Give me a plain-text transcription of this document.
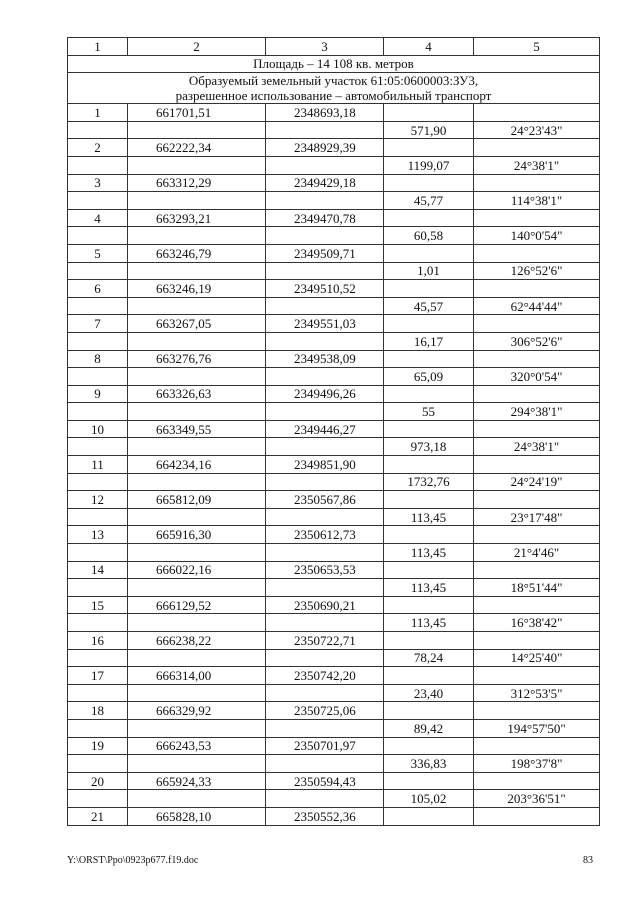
1	2	3	4	5
Площадь – 14 108 кв. метров				

Образуемый земельный участок 61:05:0600003:ЗУ3,
разрешенное использование – автомобильный транспорт				

1	661701,51	2348693,18		
			571,90	24°23'43"
2	662222,34	2348929,39		
			1199,07	24°38'1"
3	663312,29	2349429,18		
			45,77	114°38'1"
4	663293,21	2349470,78		
			60,58	140°0'54"
5	663246,79	2349509,71		
			1,01	126°52'6"
6	663246,19	2349510,52		
			45,57	62°44'44"
7	663267,05	2349551,03		
			16,17	306°52'6"
8	663276,76	2349538,09		
			65,09	320°0'54"
9	663326,63	2349496,26		
			55	294°38'1"
10	663349,55	2349446,27		
			973,18	24°38'1"
11	664234,16	2349851,90		
			1732,76	24°24'19"
12	665812,09	2350567,86		
			113,45	23°17'48"
13	665916,30	2350612,73		
			113,45	21°4'46"
14	666022,16	2350653,53		
			113,45	18°51'44"
15	666129,52	2350690,21		
			113,45	16°38'42"
16	666238,22	2350722,71		
			78,24	14°25'40"
17	666314,00	2350742,20		
			23,40	312°53'5"
18	666329,92	2350725,06		
			89,42	194°57'50"
19	666243,53	2350701,97		
			336,83	198°37'8"
20	665924,33	2350594,43		
			105,02	203°36'51"
21	665828,10	2350552,36		
Y:\ORST\Ppo\0923p677.f19.doc	83
